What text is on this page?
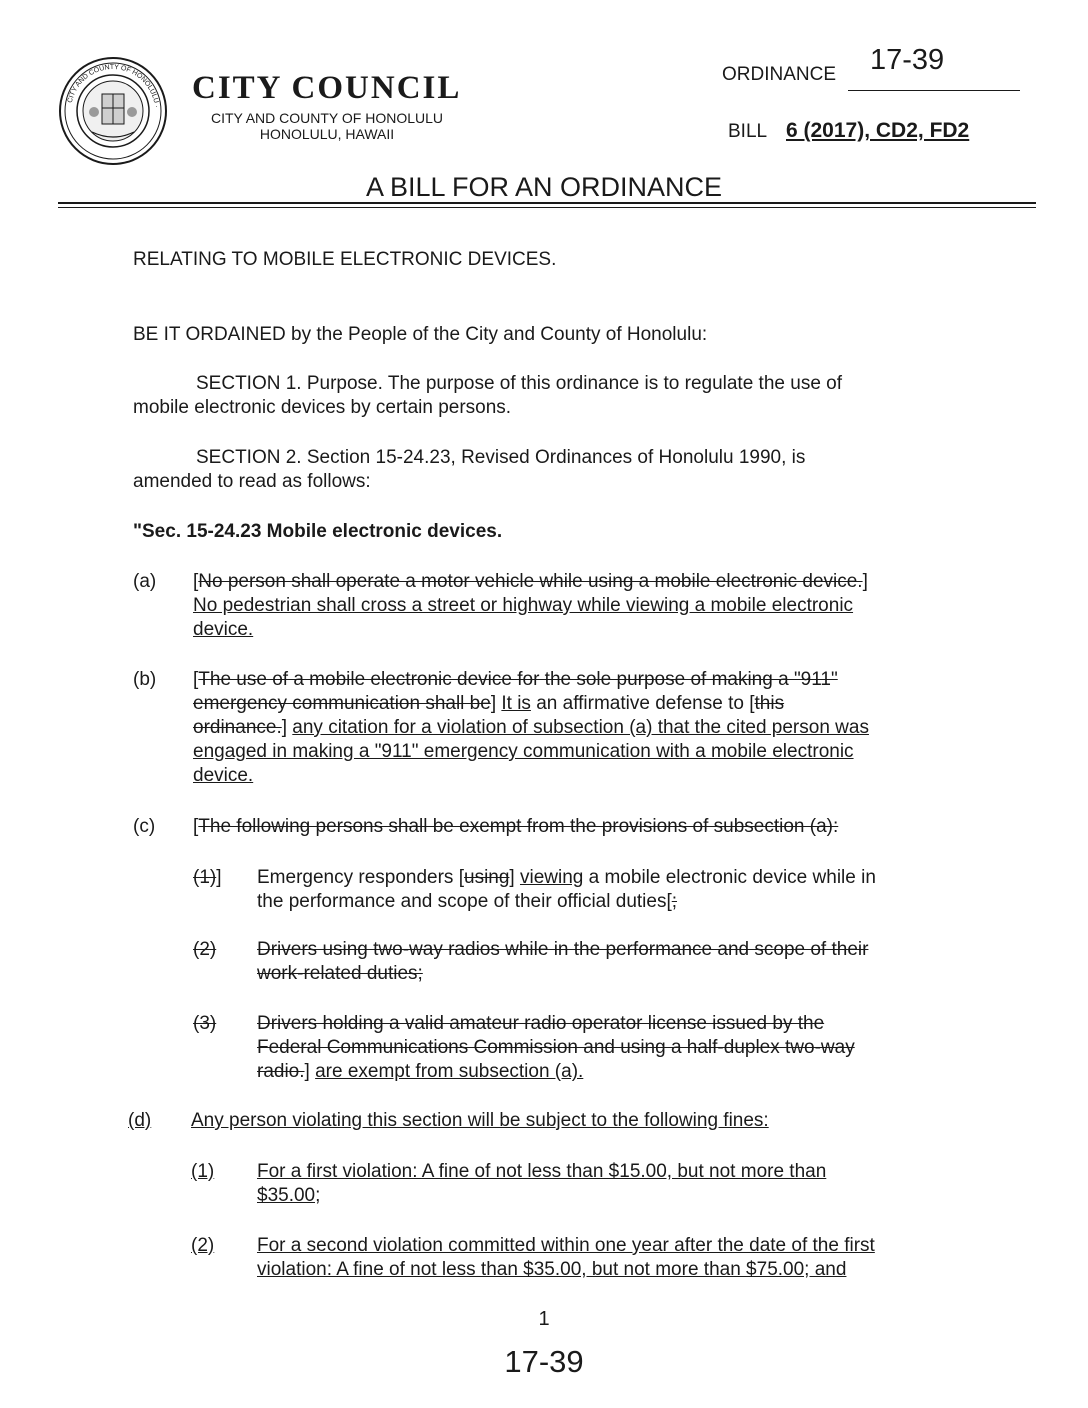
CITY AND COUNTY OF HONOLULU ·
CITY COUNCIL
CITY AND COUNTY OF HONOLULU
HONOLULU, HAWAII
ORDINANCE 17-39
BILL 6 (2017), CD2, FD2
A BILL FOR AN ORDINANCE
RELATING TO MOBILE ELECTRONIC DEVICES.
BE IT ORDAINED by the People of the City and County of Honolulu:
SECTION 1. Purpose. The purpose of this ordinance is to regulate the use of
mobile electronic devices by certain persons.
SECTION 2. Section 15-24.23, Revised Ordinances of Honolulu 1990, is
amended to read as follows:
"Sec. 15-24.23 Mobile electronic devices.
(a) [No person shall operate a motor vehicle while using a mobile electronic device.]
No pedestrian shall cross a street or highway while viewing a mobile electronic
device.
(b) [The use of a mobile electronic device for the sole purpose of making a "911"
emergency communication shall be] It is an affirmative defense to [this
ordinance.] any citation for a violation of subsection (a) that the cited person was
engaged in making a "911" emergency communication with a mobile electronic
device.
(c) [The following persons shall be exempt from the provisions of subsection (a):
(1)] Emergency responders [using] viewing a mobile electronic device while in
the performance and scope of their official duties[;
(2) Drivers using two-way radios while in the performance and scope of their
work-related duties;
(3) Drivers holding a valid amateur radio operator license issued by the
Federal Communications Commission and using a half-duplex two-way
radio.] are exempt from subsection (a).
(d) Any person violating this section will be subject to the following fines:
(1) For a first violation: A fine of not less than $15.00, but not more than
$35.00;
(2) For a second violation committed within one year after the date of the first
violation: A fine of not less than $35.00, but not more than $75.00; and
1
17-39
